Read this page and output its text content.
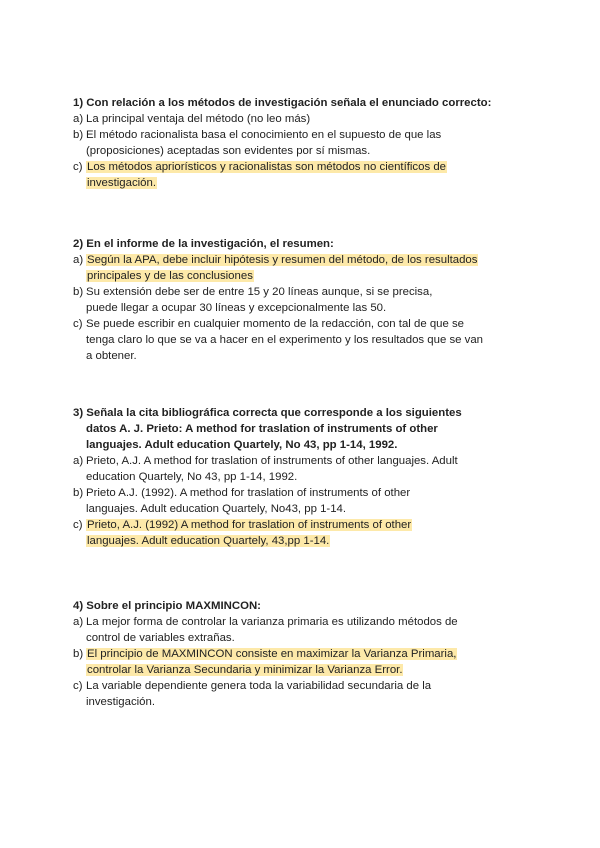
1) Con relación a los métodos de investigación señala el enunciado correcto:
a) La principal ventaja del método (no leo más)
b) El método racionalista basa el conocimiento en el supuesto de que las
(proposiciones) aceptadas son evidentes por sí mismas.
c) Los métodos apriorísticos y racionalistas son métodos no científicos de
investigación.
2) En el informe de la investigación, el resumen:
a) Según la APA, debe incluir hipótesis y resumen del método, de los resultados
principales y de las conclusiones
b) Su extensión debe ser de entre 15 y 20 líneas aunque, si se precisa,
puede llegar a ocupar 30 líneas y excepcionalmente las 50.
c) Se puede escribir en cualquier momento de la redacción, con tal de que se
tenga claro lo que se va a hacer en el experimento y los resultados que se van
a obtener.
3) Señala la cita bibliográfica correcta que corresponde a los siguientes
datos A. J. Prieto: A method for traslation of instruments of other
languajes. Adult education Quartely, No 43, pp 1-14, 1992.
a) Prieto, A.J. A method for traslation of instruments of other languajes. Adult
education Quartely, No 43, pp 1-14, 1992.
b) Prieto A.J. (1992). A method for traslation of instruments of other
languajes. Adult education Quartely, No43, pp 1-14.
c) Prieto, A.J. (1992) A method for traslation of instruments of other
languajes. Adult education Quartely, 43,pp 1-14.
4) Sobre el principio MAXMINCON:
a) La mejor forma de controlar la varianza primaria es utilizando métodos de
control de variables extrañas.
b) El principio de MAXMINCON consiste en maximizar la Varianza Primaria,
controlar la Varianza Secundaria y minimizar la Varianza Error.
c) La variable dependiente genera toda la variabilidad secundaria de la
investigación.
